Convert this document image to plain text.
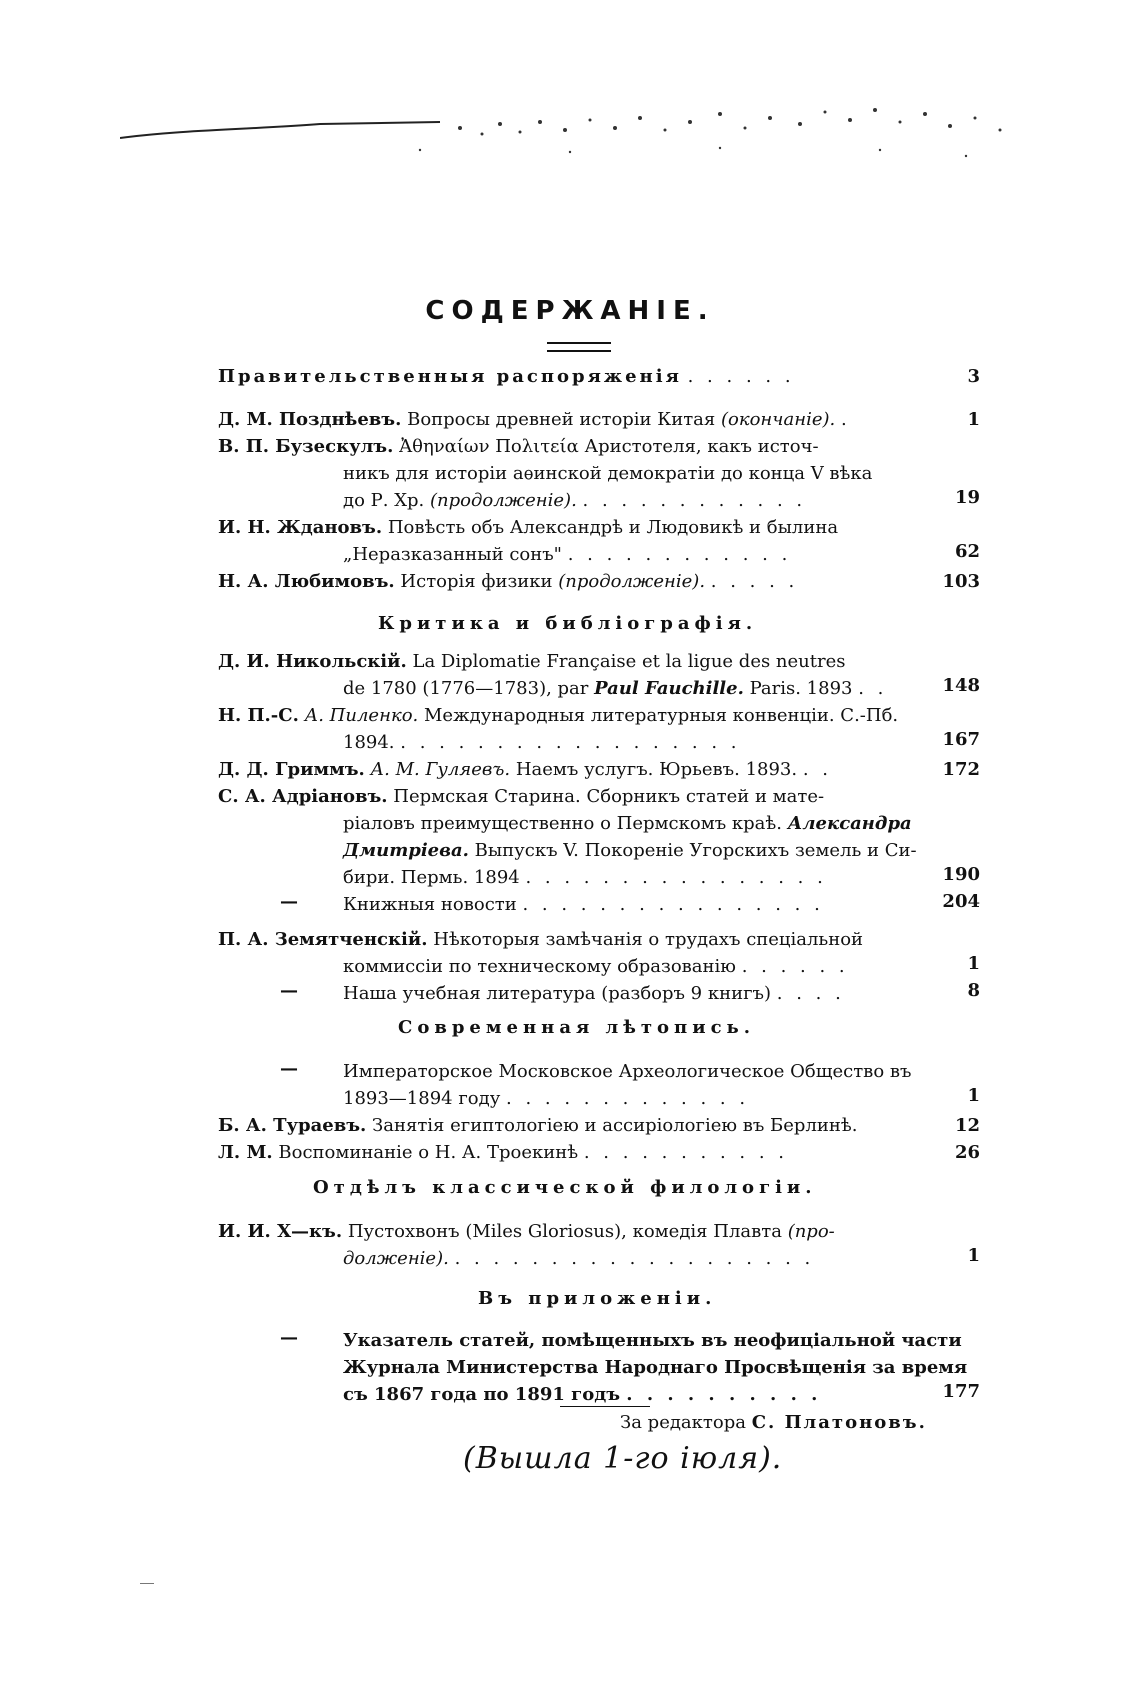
СОДЕРЖАНІЕ.
Правительственныя распоряженія . . . . . .	3
Д. М. Позднѣевъ. Вопросы древней исторіи Китая (окончаніе). .	1
В. П. Бузескулъ. Ἀθηναίων Πολιτεία Аристотеля, какъ источ-
никъ для исторіи аѳинской демократіи до конца V вѣка
до Р. Хр. (продолженіе). . . . . . . . . . . . .	19
И. Н. Ждановъ. Повѣсть объ Александрѣ и Людовикѣ и былина
„Неразказанный сонъ" . . . . . . . . . . . .	62
Н. А. Любимовъ. Исторія физики (продолженіе). . . . . .	103
Критика и библіографія.
Д. И. Никольскій. La Diplomatie Française et la ligue des neutres
de 1780 (1776—1783), par Paul Fauchille. Paris. 1893 . .	148
Н. П.-С. А. Пиленко. Международныя литературныя конвенціи. С.-Пб.
1894. . . . . . . . . . . . . . . . . . .	167
Д. Д. Гриммъ. А. М. Гуляевъ. Наемъ услугъ. Юрьевъ. 1893. . .	172
С. А. Адріановъ. Пермская Старина. Сборникъ статей и мате-
ріаловъ преимущественно о Пермскомъ краѣ. Александра
Дмитріева. Выпускъ V. Покореніе Угорскихъ земель и Си-
бири. Пермь. 1894 . . . . . . . . . . . . . . . .	190
—	Книжныя новости . . . . . . . . . . . . . . . .	204
П. А. Земятченскій. Нѣкоторыя замѣчанія о трудахъ спеціальной
коммиссіи по техническому образованію . . . . . .	1
—	Наша учебная литература (разборъ 9 книгъ) . . . .	8
Современная лѣтопись.
—	Императорское Московское Археологическое Общество въ
1893—1894 году . . . . . . . . . . . . .	1
Б. А. Тураевъ. Занятія египтологіею и ассиріологіею въ Берлинѣ.	12
Л. М. Воспоминаніе о Н. А. Троекинѣ . . . . . . . . . . .	26
Отдѣлъ классической филологіи.
И. И. Х—къ. Пустохвонъ (Miles Gloriosus), комедія Плавта (про-
долженіе). . . . . . . . . . . . . . . . . . . .	1
Въ приложеніи.
—	Указатель статей, помѣщенныхъ въ неофиціальной части
Журнала Министерства Народнаго Просвѣщенія за время
съ 1867 года по 1891 годъ . . . . . . . . . .	177
За редактора С. Платоновъ.
(Вышла 1-го іюля).
